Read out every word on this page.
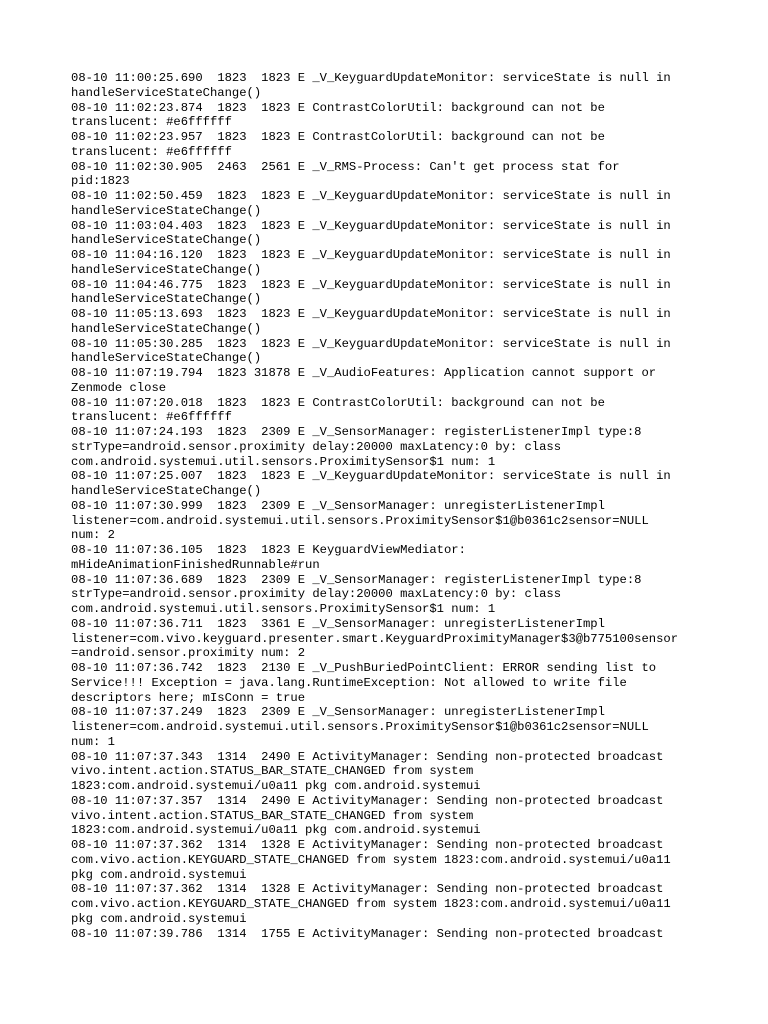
08-10 11:00:25.690  1823  1823 E _V_KeyguardUpdateMonitor: serviceState is null in
handleServiceStateChange()
08-10 11:02:23.874  1823  1823 E ContrastColorUtil: background can not be
translucent: #e6ffffff
08-10 11:02:23.957  1823  1823 E ContrastColorUtil: background can not be
translucent: #e6ffffff
08-10 11:02:30.905  2463  2561 E _V_RMS-Process: Can't get process stat for
pid:1823
08-10 11:02:50.459  1823  1823 E _V_KeyguardUpdateMonitor: serviceState is null in
handleServiceStateChange()
08-10 11:03:04.403  1823  1823 E _V_KeyguardUpdateMonitor: serviceState is null in
handleServiceStateChange()
08-10 11:04:16.120  1823  1823 E _V_KeyguardUpdateMonitor: serviceState is null in
handleServiceStateChange()
08-10 11:04:46.775  1823  1823 E _V_KeyguardUpdateMonitor: serviceState is null in
handleServiceStateChange()
08-10 11:05:13.693  1823  1823 E _V_KeyguardUpdateMonitor: serviceState is null in
handleServiceStateChange()
08-10 11:05:30.285  1823  1823 E _V_KeyguardUpdateMonitor: serviceState is null in
handleServiceStateChange()
08-10 11:07:19.794  1823 31878 E _V_AudioFeatures: Application cannot support or
Zenmode close
08-10 11:07:20.018  1823  1823 E ContrastColorUtil: background can not be
translucent: #e6ffffff
08-10 11:07:24.193  1823  2309 E _V_SensorManager: registerListenerImpl type:8
strType=android.sensor.proximity delay:20000 maxLatency:0 by: class
com.android.systemui.util.sensors.ProximitySensor$1 num: 1
08-10 11:07:25.007  1823  1823 E _V_KeyguardUpdateMonitor: serviceState is null in
handleServiceStateChange()
08-10 11:07:30.999  1823  2309 E _V_SensorManager: unregisterListenerImpl
listener=com.android.systemui.util.sensors.ProximitySensor$1@b0361c2sensor=NULL
num: 2
08-10 11:07:36.105  1823  1823 E KeyguardViewMediator:
mHideAnimationFinishedRunnable#run
08-10 11:07:36.689  1823  2309 E _V_SensorManager: registerListenerImpl type:8
strType=android.sensor.proximity delay:20000 maxLatency:0 by: class
com.android.systemui.util.sensors.ProximitySensor$1 num: 1
08-10 11:07:36.711  1823  3361 E _V_SensorManager: unregisterListenerImpl
listener=com.vivo.keyguard.presenter.smart.KeyguardProximityManager$3@b775100sensor
=android.sensor.proximity num: 2
08-10 11:07:36.742  1823  2130 E _V_PushBuriedPointClient: ERROR sending list to
Service!!! Exception = java.lang.RuntimeException: Not allowed to write file
descriptors here; mIsConn = true
08-10 11:07:37.249  1823  2309 E _V_SensorManager: unregisterListenerImpl
listener=com.android.systemui.util.sensors.ProximitySensor$1@b0361c2sensor=NULL
num: 1
08-10 11:07:37.343  1314  2490 E ActivityManager: Sending non-protected broadcast
vivo.intent.action.STATUS_BAR_STATE_CHANGED from system
1823:com.android.systemui/u0a11 pkg com.android.systemui
08-10 11:07:37.357  1314  2490 E ActivityManager: Sending non-protected broadcast
vivo.intent.action.STATUS_BAR_STATE_CHANGED from system
1823:com.android.systemui/u0a11 pkg com.android.systemui
08-10 11:07:37.362  1314  1328 E ActivityManager: Sending non-protected broadcast
com.vivo.action.KEYGUARD_STATE_CHANGED from system 1823:com.android.systemui/u0a11
pkg com.android.systemui
08-10 11:07:37.362  1314  1328 E ActivityManager: Sending non-protected broadcast
com.vivo.action.KEYGUARD_STATE_CHANGED from system 1823:com.android.systemui/u0a11
pkg com.android.systemui
08-10 11:07:39.786  1314  1755 E ActivityManager: Sending non-protected broadcast
